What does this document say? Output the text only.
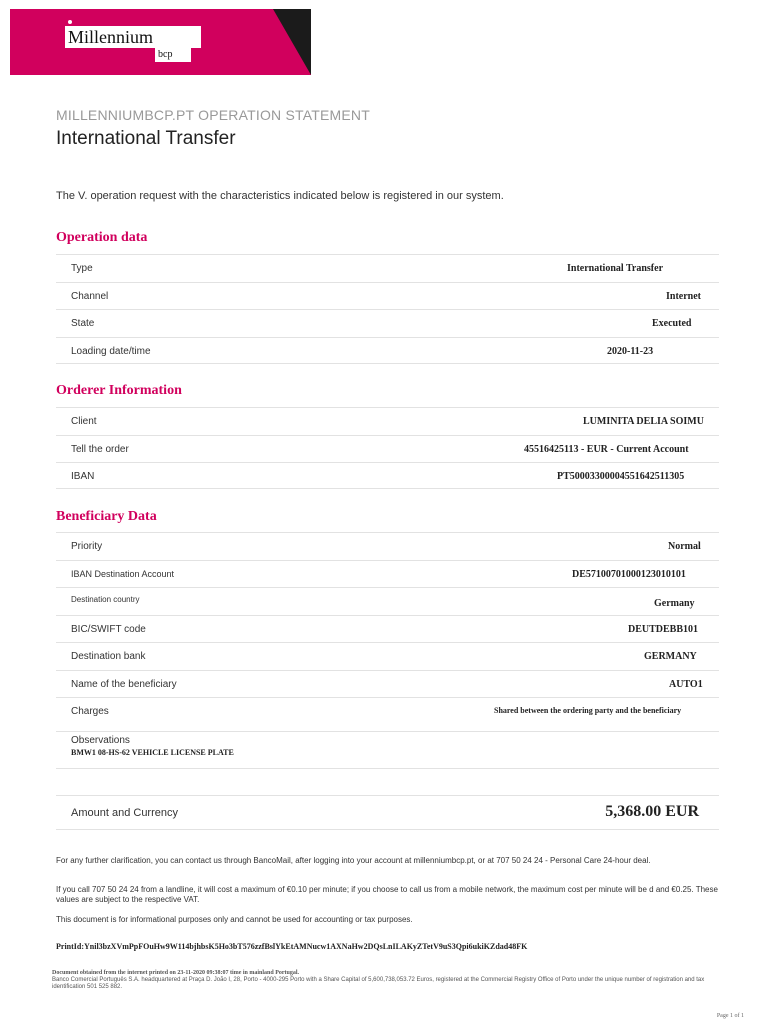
Millennium
bcp
MILLENNIUMBCP.PT OPERATION STATEMENT
International Transfer
The V. operation request with the characteristics indicated below is registered in our system.
Operation data
Type	International Transfer
Channel	Internet
State	Executed
Loading date/time	2020-11-23
Orderer Information
Client	LUMINITA DELIA SOIMU
Tell the order	45516425113 - EUR - Current Account
IBAN	PT50003300004551642511305
Beneficiary Data
Priority	Normal
IBAN Destination Account	DE57100701000123010101
Destination country	Germany
BIC/SWIFT code	DEUTDEBB101
Destination bank	GERMANY
Name of the beneficiary	AUTO1
Charges	Shared between the ordering party and the beneficiary
Observations
BMW1 08-HS-62 VEHICLE LICENSE PLATE
Amount and Currency	5,368.00 EUR
For any further clarification, you can contact us through BancoMail, after logging into your account at millenniumbcp.pt, or at 707 50 24 24 - Personal Care 24-hour deal.
If you call 707 50 24 24 from a landline, it will cost a maximum of €0.10 per minute; if you choose to call us from a mobile network, the maximum cost per minute will be d and €0.25. These values are subject to the respective VAT.
This document is for informational purposes only and cannot be used for accounting or tax purposes.
PrintId:Ynil3bzXVmPpFOuHw9W114bjhbsK5Ho3bT576zzfBslYkEtAMNucw1AXNaHw2DQsLnILAKyZTetV9uS3Qpi6ukiKZdad48FK
Document obtained from the internet printed on 23-11-2020 09:38:07 time in mainland Portugal.
Banco Comercial Português S.A. headquartered at Praça D. João I, 28, Porto - 4000-295 Porto with a Share Capital of 5,600,738,053.72 Euros, registered at the Commercial Registry Office of Porto under the unique number of registration and tax identification 501 525 882.
Page 1 of 1
